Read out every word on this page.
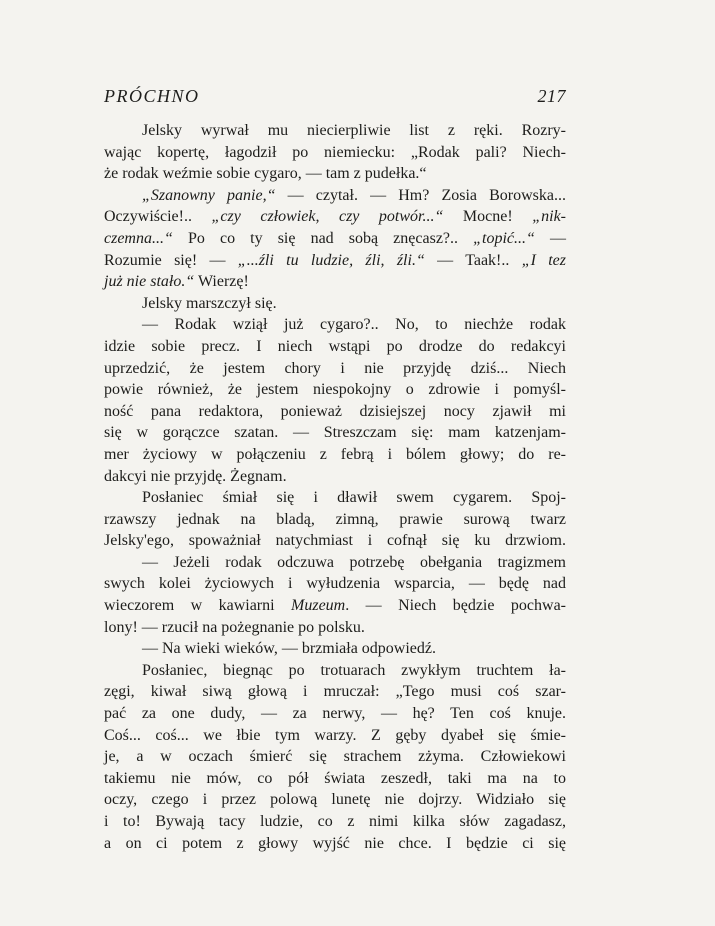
PRÓCHNO	217
Jelsky wyrwał mu niecierpliwie list z ręki. Rozry-
wając kopertę, łagodził po niemiecku: „Rodak pali? Niech-
że rodak weźmie sobie cygaro, — tam z pudełka.“
„Szanowny panie,“ — czytał. — Hm? Zosia Borowska...
Oczywiście!.. „czy człowiek, czy potwór...“ Mocne! „nik-
czemna...“ Po co ty się nad sobą znęcasz?.. „topić...“ —
Rozumie się! — „...źli tu ludzie, źli, źli.“ — Taak!.. „I tez
już nie stało.“ Wierzę!
Jelsky marszczył się.
— Rodak wziął już cygaro?.. No, to niechże rodak
idzie sobie precz. I niech wstąpi po drodze do redakcyi
uprzedzić, że jestem chory i nie przyjdę dziś... Niech
powie również, że jestem niespokojny o zdrowie i pomyśl-
ność pana redaktora, ponieważ dzisiejszej nocy zjawił mi
się w gorączce szatan. — Streszczam się: mam katzenjam-
mer życiowy w połączeniu z febrą i bólem głowy; do re-
dakcyi nie przyjdę. Żegnam.
Posłaniec śmiał się i dławił swem cygarem. Spoj-
rzawszy jednak na bladą, zimną, prawie surową twarz
Jelsky'ego, spoważniał natychmiast i cofnął się ku drzwiom.
— Jeżeli rodak odczuwa potrzebę obełgania tragizmem
swych kolei życiowych i wyłudzenia wsparcia, — będę nad
wieczorem w kawiarni Muzeum. — Niech będzie pochwa-
lony! — rzucił na pożegnanie po polsku.
— Na wieki wieków, — brzmiała odpowiedź.
Posłaniec, biegnąc po trotuarach zwykłym truchtem ła-
zęgi, kiwał siwą głową i mruczał: „Tego musi coś szar-
pać za one dudy, — za nerwy, — hę? Ten coś knuje.
Coś... coś... we łbie tym warzy. Z gęby dyabeł się śmie-
je, a w oczach śmierć się strachem zżyma. Człowiekowi
takiemu nie mów, co pół świata zeszedł, taki ma na to
oczy, czego i przez polową lunetę nie dojrzy. Widziało się
i to! Bywają tacy ludzie, co z nimi kilka słów zagadasz,
a on ci potem z głowy wyjść nie chce. I będzie ci się
